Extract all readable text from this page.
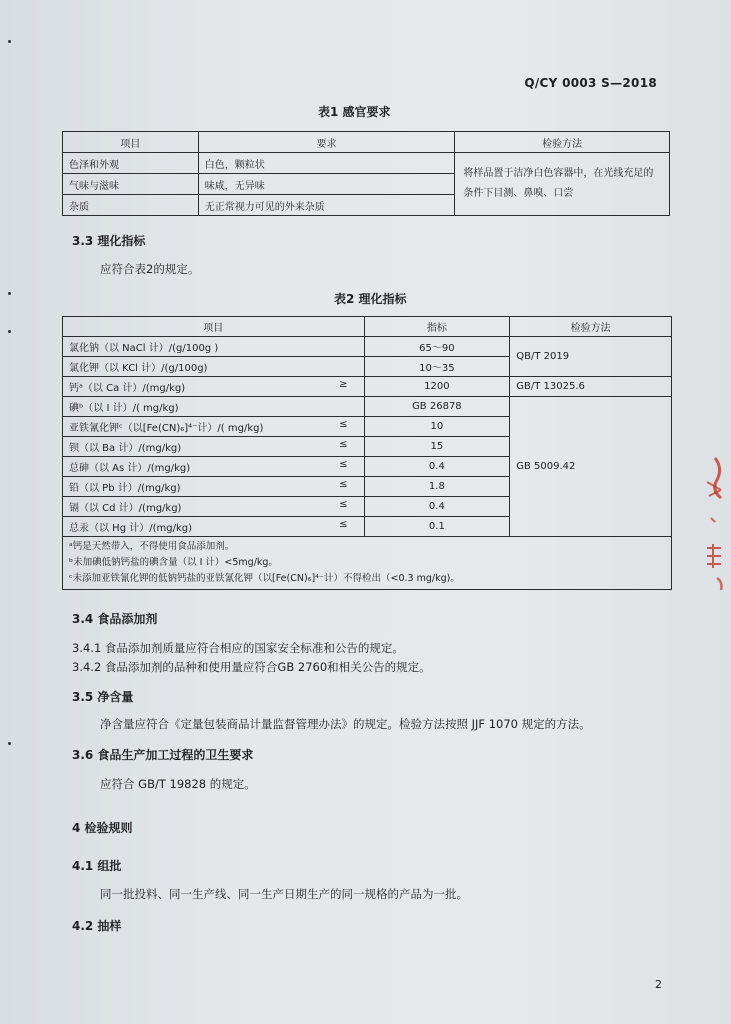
Q/CY 0003 S—2018
表1 感官要求
项目	要求	检验方法
色泽和外观	白色，颗粒状	将样品置于洁净白色容器中，在光线充足的条件下目测、鼻嗅、口尝
气味与滋味	味咸，无异味	
杂质	无正常视力可见的外来杂质	
3.3 理化指标
应符合表2的规定。
表2 理化指标
项目	指标	检验方法
氯化钠（以 NaCl 计）/(g/100g )	65～90	QB/T 2019
氯化钾（以 KCl 计）/(g/100g)	10～35	

钙ᵃ（以 Ca 计）/(mg/kg) ≥	1200	GB/T 13025.6
碘ᵇ（以 I 计）/( mg/kg)	GB 26878	GB 5009.42

亚铁氰化钾ᶜ（以[Fe(CN)₆]⁴⁻计）/( mg/kg) ≤	10	

钡（以 Ba 计）/(mg/kg) ≤	15	

总砷（以 As 计）/(mg/kg) ≤	0.4	

铅（以 Pb 计）/(mg/kg) ≤	1.8	

镉（以 Cd 计）/(mg/kg) ≤	0.4	

总汞（以 Hg 计）/(mg/kg) ≤	0.1	

ᵃ钙是天然带入，不得使用食品添加剂。
ᵇ未加碘低钠钙盐的碘含量（以 I 计）<5mg/kg。
ᶜ未添加亚铁氰化钾的低钠钙盐的亚铁氰化钾（以[Fe(CN)₆]⁴⁻计）不得检出（<0.3 mg/kg)。		
3.4 食品添加剂
3.4.1 食品添加剂质量应符合相应的国家安全标准和公告的规定。
3.4.2 食品添加剂的品种和使用量应符合GB 2760和相关公告的规定。
3.5 净含量
净含量应符合《定量包装商品计量监督管理办法》的规定。检验方法按照 JJF 1070 规定的方法。
3.6 食品生产加工过程的卫生要求
应符合 GB/T 19828 的规定。
4 检验规则
4.1 组批
同一批投料、同一生产线、同一生产日期生产的同一规格的产品为一批。
4.2 抽样
2
